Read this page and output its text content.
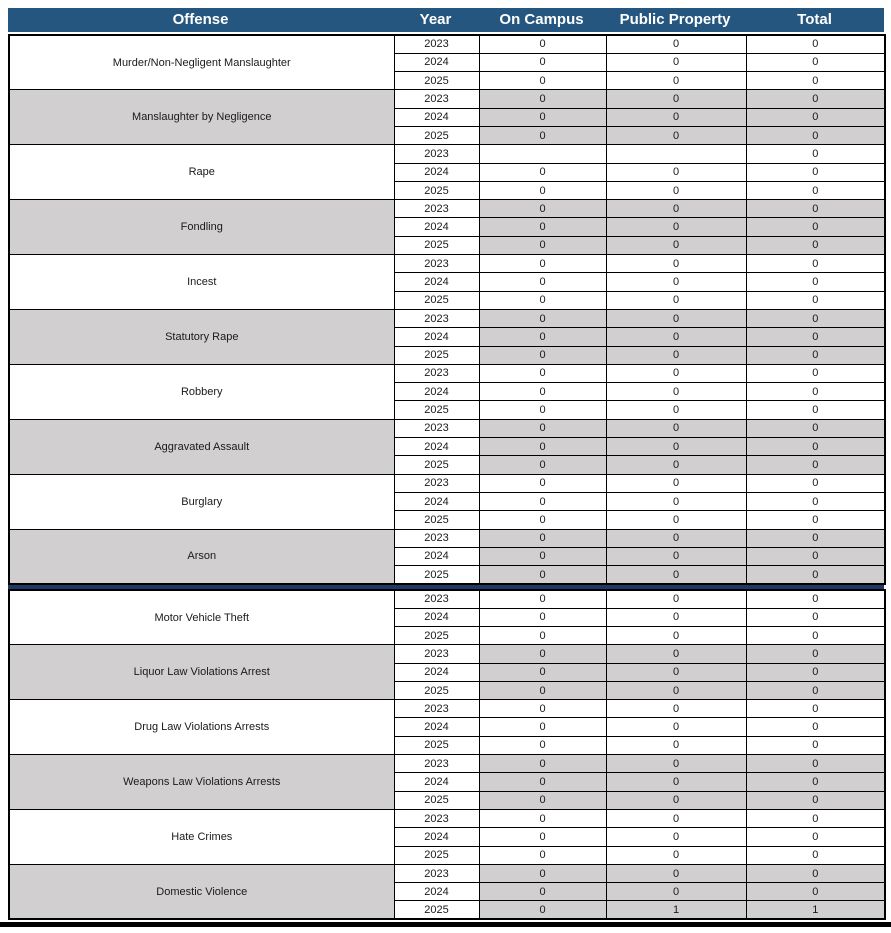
Offense	Year	On Campus	Public Property	Total
Murder/Non-Negligent Manslaughter	2023	0	0	0
	2024	0	0	0
	2025	0	0	0
Manslaughter by Negligence	2023	0	0	0
	2024	0	0	0
	2025	0	0	0
Rape	2023			0
	2024	0	0	0
	2025	0	0	0
Fondling	2023	0	0	0
	2024	0	0	0
	2025	0	0	0
Incest	2023	0	0	0
	2024	0	0	0
	2025	0	0	0
Statutory Rape	2023	0	0	0
	2024	0	0	0
	2025	0	0	0
Robbery	2023	0	0	0
	2024	0	0	0
	2025	0	0	0
Aggravated Assault	2023	0	0	0
	2024	0	0	0
	2025	0	0	0
Burglary	2023	0	0	0
	2024	0	0	0
	2025	0	0	0
Arson	2023	0	0	0
	2024	0	0	0
	2025	0	0	0
Motor Vehicle Theft	2023	0	0	0
	2024	0	0	0
	2025	0	0	0
Liquor Law Violations Arrest	2023	0	0	0
	2024	0	0	0
	2025	0	0	0
Drug Law Violations Arrests	2023	0	0	0
	2024	0	0	0
	2025	0	0	0
Weapons Law Violations Arrests	2023	0	0	0
	2024	0	0	0
	2025	0	0	0
Hate Crimes	2023	0	0	0
	2024	0	0	0
	2025	0	0	0
Domestic Violence	2023	0	0	0
	2024	0	0	0
	2025	0	1	1
